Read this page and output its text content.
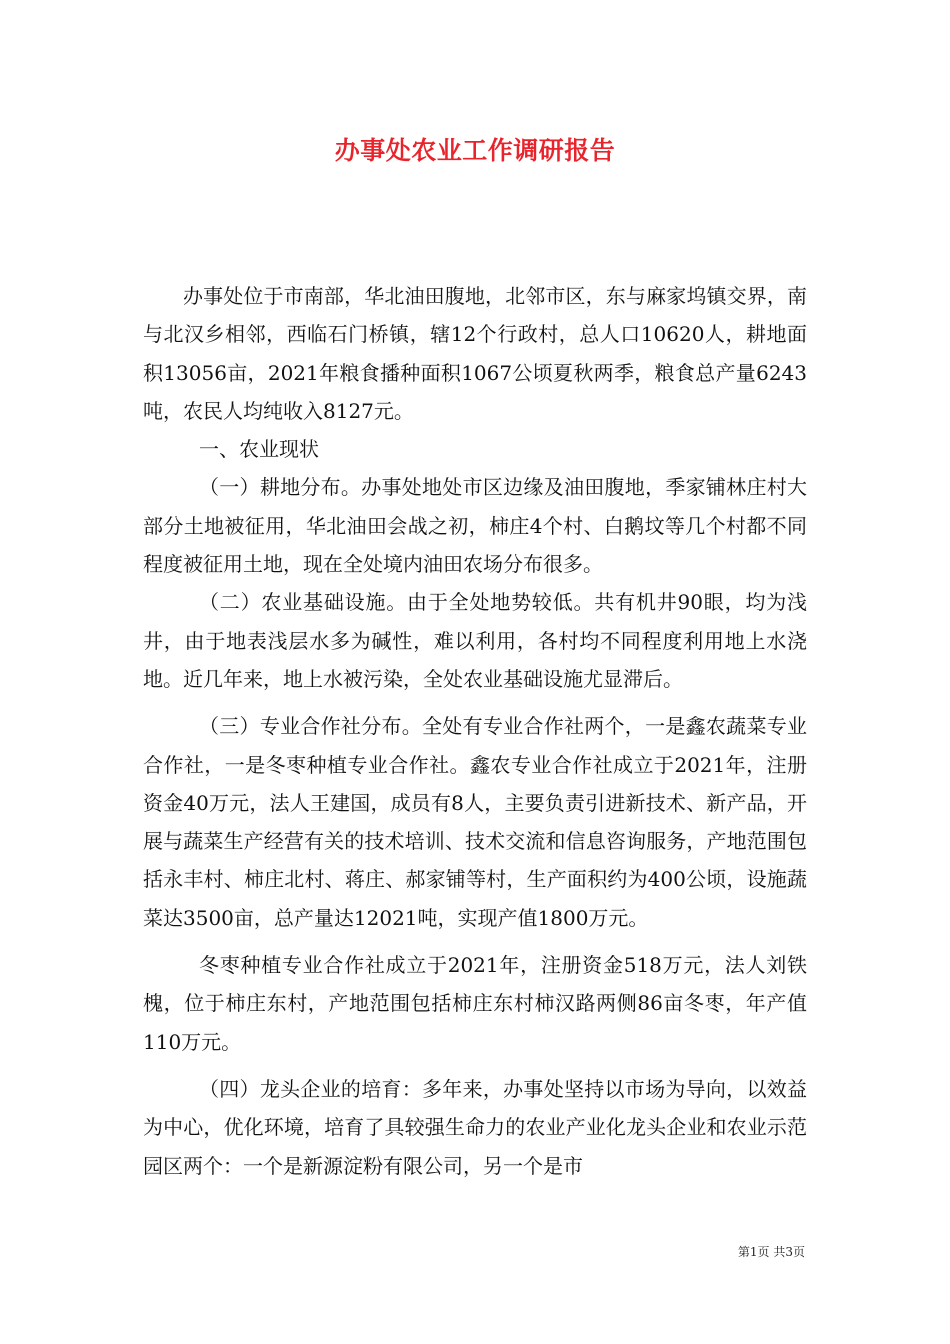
办事处农业工作调研报告

办事处位于市南部，华北油田腹地，北邻市区，东与麻家坞镇交界，南与北汉乡相邻，西临石门桥镇，辖12个行政村，总人口10620人，耕地面积13056亩，2021年粮食播种面积1067公顷夏秋两季，粮食总产量6243吨，农民人均纯收入8127元。

一、农业现状

（一）耕地分布。办事处地处市区边缘及油田腹地，季家铺林庄村大部分土地被征用，华北油田会战之初，柿庄4个村、白鹅坟等几个村都不同程度被征用土地，现在全处境内油田农场分布很多。

（二）农业基础设施。由于全处地势较低。共有机井90眼，均为浅井，由于地表浅层水多为碱性，难以利用，各村均不同程度利用地上水浇地。近几年来，地上水被污染，全处农业基础设施尤显滞后。

（三）专业合作社分布。全处有专业合作社两个，一是鑫农蔬菜专业合作社，一是冬枣种植专业合作社。鑫农专业合作社成立于2021年，注册资金40万元，法人王建国，成员有8人，主要负责引进新技术、新产品，开展与蔬菜生产经营有关的技术培训、技术交流和信息咨询服务，产地范围包括永丰村、柿庄北村、蒋庄、郝家铺等村，生产面积约为400公顷，设施蔬菜达3500亩，总产量达12021吨，实现产值1800万元。

冬枣种植专业合作社成立于2021年，注册资金518万元，法人刘铁槐，位于柿庄东村，产地范围包括柿庄东村柿汉路两侧86亩冬枣，年产值110万元。

（四）龙头企业的培育：多年来，办事处坚持以市场为导向，以效益为中心，优化环境，培育了具较强生命力的农业产业化龙头企业和农业示范园区两个：一个是新源淀粉有限公司，另一个是市

第1页 共3页
